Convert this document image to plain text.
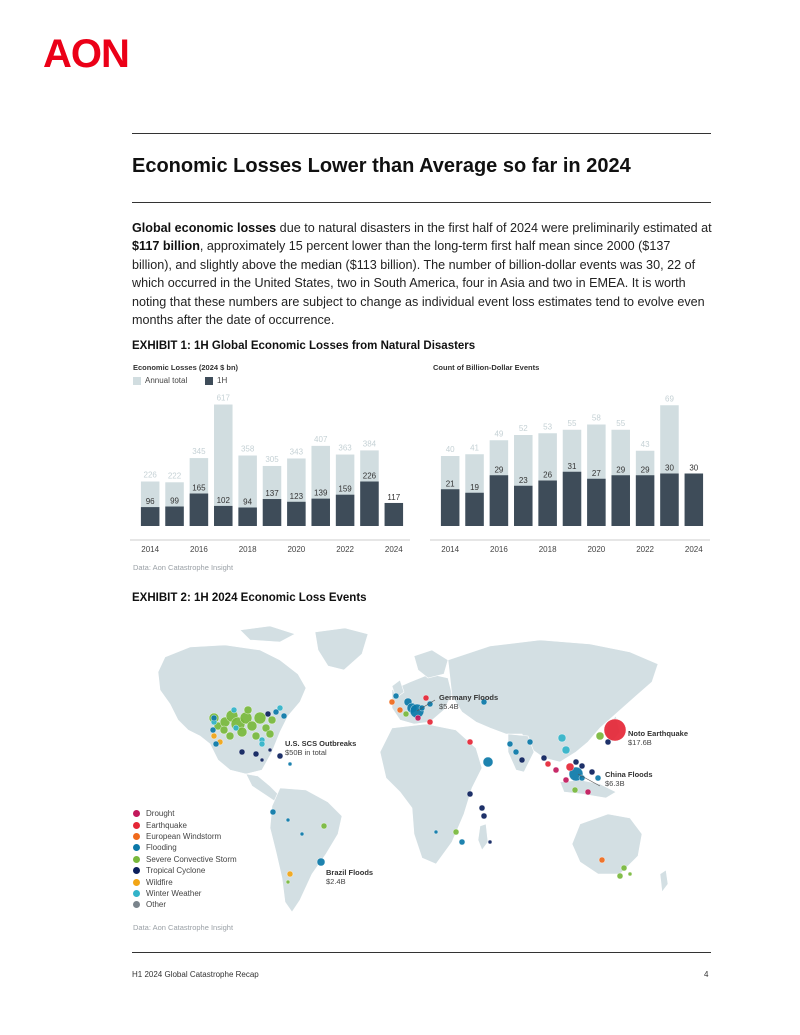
AON
Economic Losses Lower than Average so far in 2024
Global economic losses due to natural disasters in the first half of 2024 were preliminarily estimated at $117 billion, approximately 15 percent lower than the long-term first half mean since 2000 ($137 billion), and slightly above the median ($113 billion). The number of billion-dollar events was 30, 22 of which occurred in the United States, two in South America, four in Asia and two in EMEA. It is worth noting that these numbers are subject to change as individual event loss estimates tend to evolve even months after the date of occurrence.
EXHIBIT 1: 1H Global Economic Losses from Natural Disasters
Economic Losses (2024 $ bn)
Annual total	1H
Count of Billion-Dollar Events
226
96
222
99
345
165
617
102
358
94
305
137
343
123
407
139
363
159
384
226
117
2014	2016	2018	2020	2022	2024
40
21
41
19
49
29
52
23
53
26
55
31
58
27
55
29
43
29
69
30 30
2014	2016	2018	2020	2022	2024
Data: Aon Catastrophe Insight
EXHIBIT 2: 1H 2024 Economic Loss Events
Germany Floods
$5.4B
U.S. SCS Outbreaks
$50B in total
Noto Earthquake
$17.6B
China Floods
$6.3B
Brazil Floods
$2.4B
Drought
Earthquake
European Windstorm
Flooding
Severe Convective Storm
Tropical Cyclone
Wildfire
Winter Weather
Other
Data: Aon Catastrophe Insight
H1 2024 Global Catastrophe Recap	4
